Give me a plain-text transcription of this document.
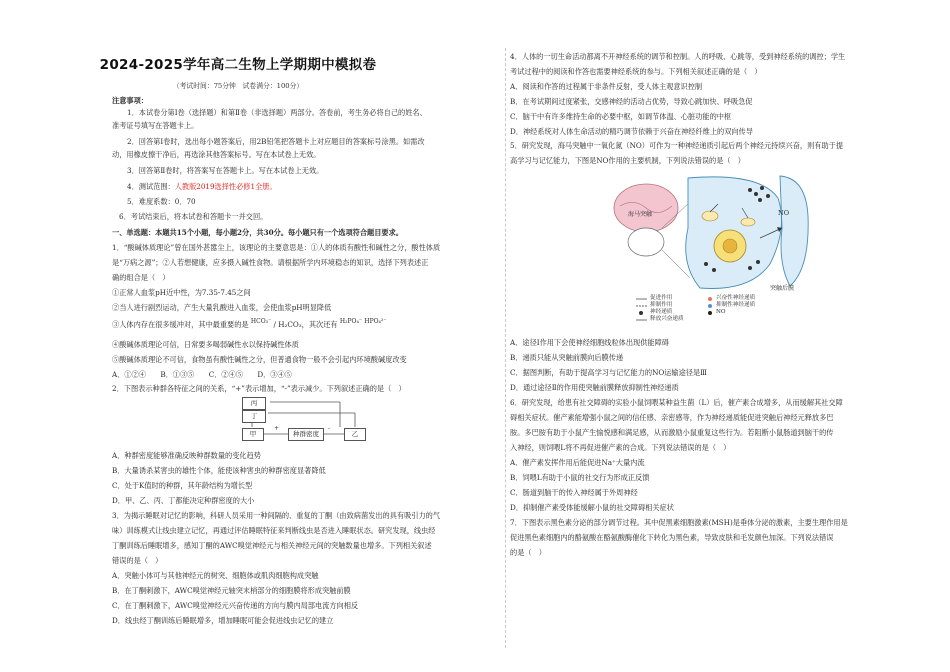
2024-2025学年高二生物上学期期中模拟卷
（考试时间：75分钟　试卷满分：100分）
注意事项：
1．本试卷分第Ⅰ卷（选择题）和第Ⅱ卷（非选择题）两部分。答卷前，考生务必将自己的姓名、
准考证号填写在答题卡上。
2．回答第Ⅰ卷时，选出每小题答案后，用2B铅笔把答题卡上对应题目的答案标号涂黑。如需改
动，用橡皮擦干净后，再选涂其他答案标号。写在本试卷上无效。
3．回答第Ⅱ卷时，将答案写在答题卡上。写在本试卷上无效。
4．测试范围：人教版2019选择性必修1全册。
5．难度系数：0．70
6．考试结束后，将本试卷和答题卡一并交回。
一、单选题：本题共15个小题，每小题2分，共30分。每小题只有一个选项符合题目要求。
1．“酸碱体质理论”曾在国外甚嚣尘上，该理论的主要意思是：①人的体质有酸性和碱性之分，酸性体质
是“万病之源”；②人若想健康，应多摄入碱性食物。请根据所学内环境稳态的知识，选择下列表述正
确的组合是（　）
①正常人血浆pH近中性，为7.35-7.45之间
②当人进行剧烈运动，产生大量乳酸进入血浆，会使血浆pH明显降低
③人体内存在很多缓冲对，其中最重要的是 $^{HCO_3^-}$ / H₂CO₃，其次还有 $^{H_2PO_4^-}$ $^{HPO_4^{2-}}$
④酸碱体质理论可信，日常要多喝弱碱性水以保持碱性体质
⑤酸碱体质理论不可信，食物虽有酸性碱性之分，但普通食物一般不会引起内环境酸碱度改变
A．①②④　　B．①③⑤　　C．②④⑤　　D．③④⑤
2．下图表示种群各特征之间的关系，“+”表示增加，“-”表示减少。下列叙述正确的是（　）
+	-
丙
丁
甲	种群密度	乙
A．种群密度能够准确反映种群数量的变化趋势
B．大量诱杀某害虫的雄性个体，能使该种害虫的种群密度显著降低
C．处于K值时的种群，其年龄结构为增长型
D．甲、乙、丙、丁都能决定种群密度的大小
3．为揭示睡眠对记忆的影响，科研人员采用一种间隔的、重复的丁酮（由致病菌发出的具有吸引力的气
味）训练模式让线虫建立记忆，再通过评估睡眠特征来判断线虫是否进入睡眠状态。研究发现，线虫经
丁酮训练后睡眠增多，感知丁酮的AWC嗅觉神经元与相关神经元间的突触数量也增多。下列相关叙述
错误的是（　）
A．突触小体可与其他神经元的树突、细胞体或肌肉细胞构成突触
B．在丁酮刺激下，AWC嗅觉神经元轴突末梢部分的细胞膜将形成突触前膜
C．在丁酮刺激下，AWC嗅觉神经元兴奋传递的方向与膜内局部电流方向相反
D．线虫经丁酮训练后睡眠增多，增加睡眠可能会促进线虫记忆的建立
4．人体的一切生命活动都离不开神经系统的调节和控制。人的呼吸、心跳等，受到神经系统的调控；学生
考试过程中的阅读和作答也需要神经系统的参与。下列相关叙述正确的是（　）
A．阅读和作答的过程属于非条件反射，受人体主观意识控制
B．在考试期间过度紧张，交感神经的活动占优势，导致心跳加快、呼吸急促
C．脑干中有许多维持生命的必要中枢，如调节体温、心脏功能的中枢
D．神经系统对人体生命活动的精巧调节依赖于兴奋在神经纤维上的双向传导
5．研究发现，海马突触中一氧化氮（NO）可作为一种神经递质引起后两个神经元持续兴奋，则有助于提
高学习与记忆能力，下图是NO作用的主要机制，下列说法错误的是（　）
海马突触	NO
突触后膜
促进作用
抑制作用
神经递质
释放兴奋递质
兴奋性神经递质
抑制性神经递质
NO
A．途径Ⅰ作用下会使神经细胞线粒体出现供能障碍
B．递质只能从突触前膜向后膜传递
C．据图判断，有助于提高学习与记忆能力的NO运输途径是Ⅲ
D．通过途径Ⅱ的作用使突触前膜释放抑制性神经递质
6．研究发现，给患有社交障碍的实验小鼠饲喂某种益生菌（L）后，催产素合成增多，从而缓解其社交障
碍相关症状。催产素能增强小鼠之间的信任感、亲密感等，作为神经递质能促进突触后神经元释放多巴
胺。多巴胺有助于小鼠产生愉悦感和满足感，从而激励小鼠重复这些行为。若阻断小鼠肠道到脑干的传
入神经，则饲喂L将不再促进催产素的合成。下列说法错误的是（　）
A．催产素发挥作用后能促进Na⁺大量内流
B．饲喂L有助于小鼠的社交行为形成正反馈
C．肠道到脑干的传入神经属于外周神经
D．抑制催产素受体能缓解小鼠的社交障碍相关症状
7．下图表示黑色素分泌的部分调节过程。其中促黑素细胞激素(MSH)是垂体分泌的激素，主要生理作用是
促进黑色素细胞内的酪氨酸在酪氨酸酶催化下转化为黑色素，导致皮肤和毛发颜色加深。下列说法错误
的是（　）
